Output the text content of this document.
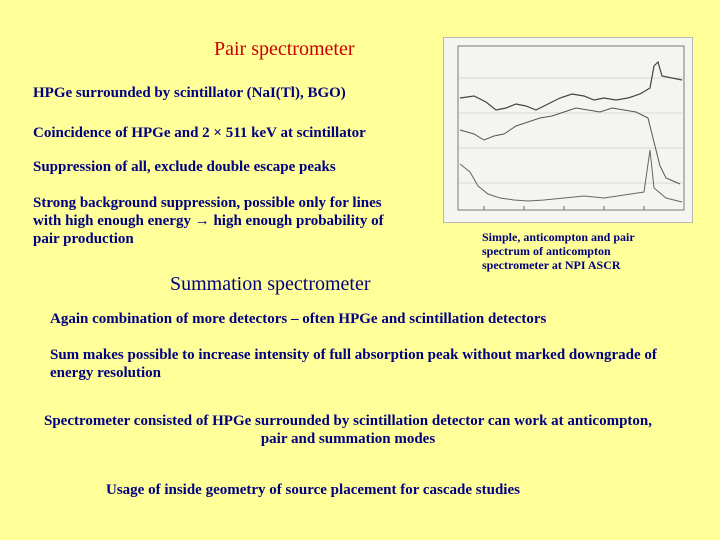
Pair spectrometer
HPGe surrounded by scintillator (NaI(Tl), BGO)
Coincidence of HPGe and 2 × 511 keV at scintillator
Suppression of all, exclude double escape peaks
Strong background suppression, possible only for lines with high enough energy → high enough probability of pair production
Summation spectrometer
Simple, anticompton and pair spectrum of anticompton spectrometer at NPI ASCR
Again combination of more detectors – often HPGe and scintillation detectors
Sum makes possible to increase intensity of full absorption peak without marked downgrade of energy resolution
Spectrometer consisted of HPGe surrounded by scintillation detector can work at anticompton, pair and summation modes
Usage of inside geometry of source placement for cascade studies
